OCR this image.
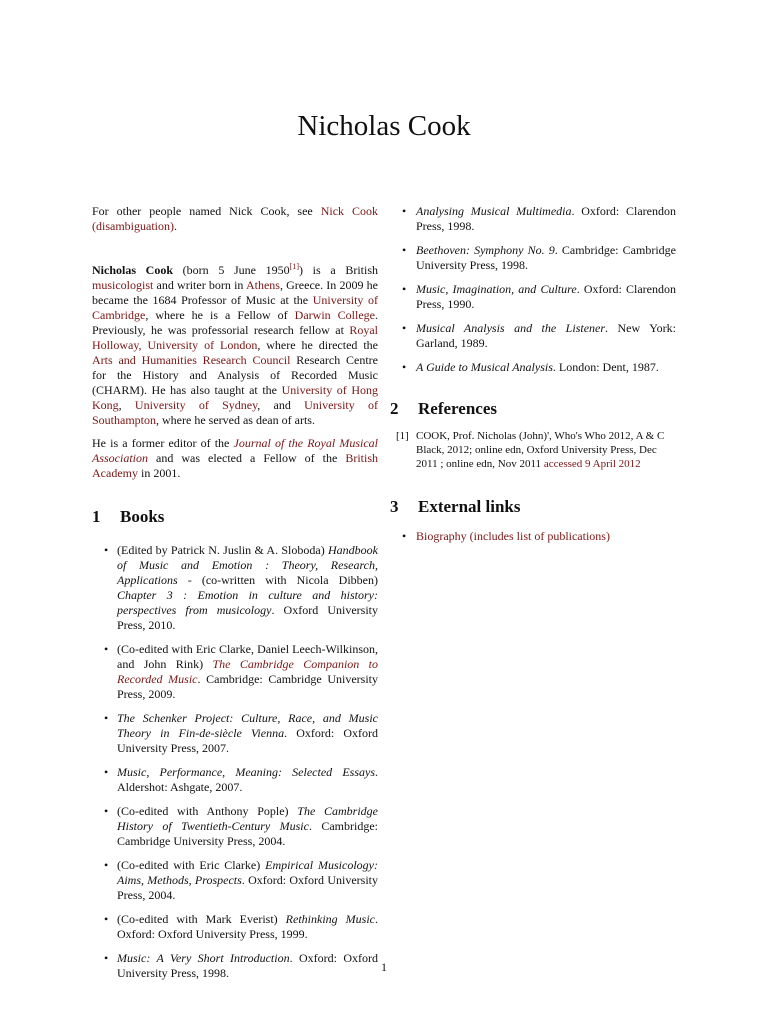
Nicholas Cook

For other people named Nick Cook, see Nick Cook (disambiguation).

Nicholas Cook (born 5 June 1950[1]) is a British musicologist and writer born in Athens, Greece. In 2009 he became the 1684 Professor of Music at the University of Cambridge, where he is a Fellow of Darwin College. Previously, he was professorial research fellow at Royal Holloway, University of London, where he directed the Arts and Humanities Research Council Research Centre for the History and Analysis of Recorded Music (CHARM). He has also taught at the University of Hong Kong, University of Sydney, and University of Southampton, where he served as dean of arts.

He is a former editor of the Journal of the Royal Musical Association and was elected a Fellow of the British Academy in 2001.

1 Books
• (Edited by Patrick N. Juslin & A. Sloboda) Handbook of Music and Emotion : Theory, Research, Applications - (co-written with Nicola Dibben) Chapter 3 : Emotion in culture and history: perspectives from musicology. Oxford University Press, 2010.
• (Co-edited with Eric Clarke, Daniel Leech-Wilkinson, and John Rink) The Cambridge Companion to Recorded Music. Cambridge: Cambridge University Press, 2009.
• The Schenker Project: Culture, Race, and Music Theory in Fin-de-siècle Vienna. Oxford: Oxford University Press, 2007.
• Music, Performance, Meaning: Selected Essays. Aldershot: Ashgate, 2007.
• (Co-edited with Anthony Pople) The Cambridge History of Twentieth-Century Music. Cambridge: Cambridge University Press, 2004.
• (Co-edited with Eric Clarke) Empirical Musicology: Aims, Methods, Prospects. Oxford: Oxford University Press, 2004.
• (Co-edited with Mark Everist) Rethinking Music. Oxford: Oxford University Press, 1999.
• Music: A Very Short Introduction. Oxford: Oxford University Press, 1998.
• Analysing Musical Multimedia. Oxford: Clarendon Press, 1998.
• Beethoven: Symphony No. 9. Cambridge: Cambridge University Press, 1998.
• Music, Imagination, and Culture. Oxford: Clarendon Press, 1990.
• Musical Analysis and the Listener. New York: Garland, 1989.
• A Guide to Musical Analysis. London: Dent, 1987.
2 References
[1] COOK, Prof. Nicholas (John)', Who's Who 2012, A & C Black, 2012; online edn, Oxford University Press, Dec 2011 ; online edn, Nov 2011 accessed 9 April 2012
3 External links
• Biography (includes list of publications)
1
